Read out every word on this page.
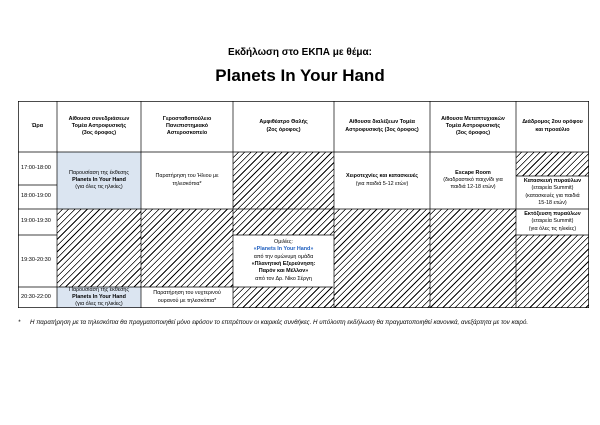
Εκδήλωση στο ΕΚΠΑ με θέμα:
Planets In Your Hand
Ώρα
Αίθουσα συνεδριάσεων
Τομέα Αστροφυσικής
(3ος όροφος)
Γεροσταθοπούλειο
Πανεπιστημιακό
Αστεροσκοπείο
Αμφιθέατρο Θαλής
(2ος όροφος)
Αίθουσα διαλέξεων Τομέα
Αστροφυσικής (3ος όροφος)
Αίθουσα Μεταπτυχιακών
Τομέα Αστροφυσικής
(3ος όροφος)
Διάδρομος 2ου ορόφου
και προαύλιο
17:00-18:00
18:00-19:00
19:00-19:30
19:30-20:30
20:30-22:00
Παρουσίαση της έκθεσης
Planets In Your Hand
(για όλες τις ηλικίες)
Παρουσίαση της έκθεσης
Planets In Your Hand
(για όλες τις ηλικίες)
Παρατήρηση του Ήλιου με
τηλεσκόπια*
Παρατήρηση του νυχτερινού
ουρανού με τηλεσκόπια*
Ομιλίες:
«Planets In Your Hand»
από την ομώνυμη ομάδα
«Πλανητική Εξερεύνηση:
Παρόν και Μέλλον»
από τον Δρ. Νίκο Σέργη
Χειροτεχνίες και κατασκευές
(για παιδιά 5-12 ετών)
Escape Room
(διαδραστικό παιχνίδι για
παιδιά 12-18 ετών)
Κατασκευή πυραύλων
(εταιρεία Summit)
(κατασκευές για παιδιά
15-18 ετών)
Εκτόξευση πυραύλων
(εταιρεία Summit)
(για όλες τις ηλικίες)
* Η παρατήρηση με τα τηλεσκόπια θα πραγματοποιηθεί μόνο εφόσον το επιτρέπουν οι καιρικές συνθήκες. Η υπόλοιπη εκδήλωση θα πραγματοποιηθεί κανονικά, ανεξάρτητα με τον καιρό.
